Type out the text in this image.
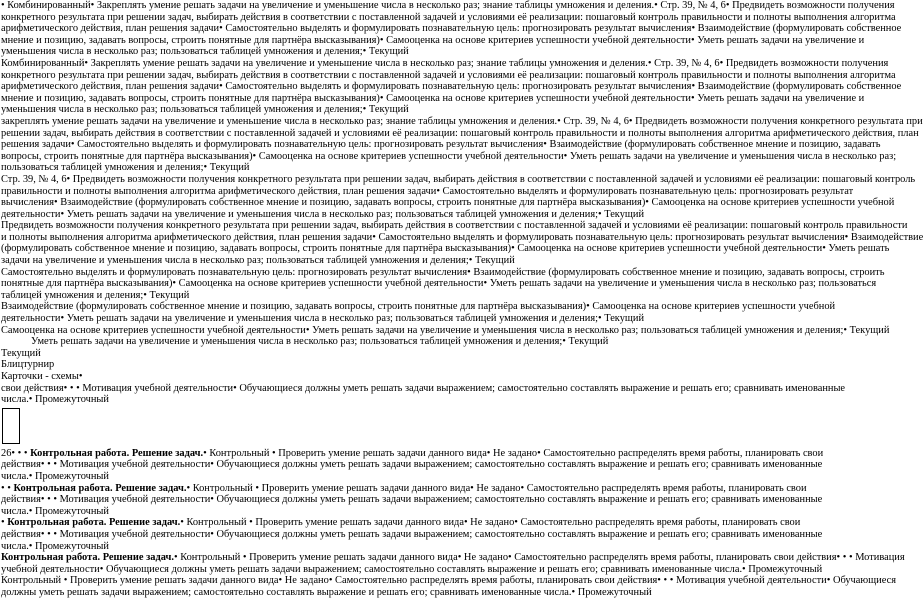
• Комбинированный• Закреплять умение решать задачи на увеличение и уменьшение числа в несколько раз; знание таблицы умножения и деления.• Стр. 39, № 4, 6• Предвидеть возможности получения
конкретного результата при решении задач, выбирать действия в соответствии с поставленной задачей и условиями её реализации: пошаговый контроль правильности и полноты выполнения алгоритма
арифметического действия, план решения задачи• Самостоятельно выделять и формулировать познавательную цель: прогнозировать результат вычисления• Взаимодействие (формулировать собственное
мнение и позицию, задавать вопросы, строить понятные для партнёра высказывания)• Самооценка на основе критериев успешности учебной деятельности• Уметь решать задачи на увеличение и
уменьшения числа в несколько раз; пользоваться таблицей умножения и деления;• Текущий
Комбинированный• Закреплять умение решать задачи на увеличение и уменьшение числа в несколько раз; знание таблицы умножения и деления.• Стр. 39, № 4, 6• Предвидеть возможности получения
конкретного результата при решении задач, выбирать действия в соответствии с поставленной задачей и условиями её реализации: пошаговый контроль правильности и полноты выполнения алгоритма
арифметического действия, план решения задачи• Самостоятельно выделять и формулировать познавательную цель: прогнозировать результат вычисления• Взаимодействие (формулировать собственное
мнение и позицию, задавать вопросы, строить понятные для партнёра высказывания)• Самооценка на основе критериев успешности учебной деятельности• Уметь решать задачи на увеличение и
уменьшения числа в несколько раз; пользоваться таблицей умножения и деления;• Текущий
закреплять умение решать задачи на увеличение и уменьшение числа в несколько раз; знание таблицы умножения и деления.• Стр. 39, № 4, 6• Предвидеть возможности получения конкретного результата при
решении задач, выбирать действия в соответствии с поставленной задачей и условиями её реализации: пошаговый контроль правильности и полноты выполнения алгоритма арифметического действия, план
решения задачи• Самостоятельно выделять и формулировать познавательную цель: прогнозировать результат вычисления• Взаимодействие (формулировать собственное мнение и позицию, задавать
вопросы, строить понятные для партнёра высказывания)• Самооценка на основе критериев успешности учебной деятельности• Уметь решать задачи на увеличение и уменьшения числа в несколько раз;
пользоваться таблицей умножения и деления;• Текущий
Стр. 39, № 4, 6• Предвидеть возможности получения конкретного результата при решении задач, выбирать действия в соответствии с поставленной задачей и условиями её реализации: пошаговый контроль
правильности и полноты выполнения алгоритма арифметического действия, план решения задачи• Самостоятельно выделять и формулировать познавательную цель: прогнозировать результат
вычисления• Взаимодействие (формулировать собственное мнение и позицию, задавать вопросы, строить понятные для партнёра высказывания)• Самооценка на основе критериев успешности учебной
деятельности• Уметь решать задачи на увеличение и уменьшения числа в несколько раз; пользоваться таблицей умножения и деления;• Текущий
Предвидеть возможности получения конкретного результата при решении задач, выбирать действия в соответствии с поставленной задачей и условиями её реализации: пошаговый контроль правильности
и полноты выполнения алгоритма арифметического действия, план решения задачи• Самостоятельно выделять и формулировать познавательную цель: прогнозировать результат вычисления• Взаимодействие
(формулировать собственное мнение и позицию, задавать вопросы, строить понятные для партнёра высказывания)• Самооценка на основе критериев успешности учебной деятельности• Уметь решать
задачи на увеличение и уменьшения числа в несколько раз; пользоваться таблицей умножения и деления;• Текущий
Самостоятельно выделять и формулировать познавательную цель: прогнозировать результат вычисления• Взаимодействие (формулировать собственное мнение и позицию, задавать вопросы, строить
понятные для партнёра высказывания)• Самооценка на основе критериев успешности учебной деятельности• Уметь решать задачи на увеличение и уменьшения числа в несколько раз; пользоваться
таблицей умножения и деления;• Текущий
Взаимодействие (формулировать собственное мнение и позицию, задавать вопросы, строить понятные для партнёра высказывания)• Самооценка на основе критериев успешности учебной
деятельности• Уметь решать задачи на увеличение и уменьшения числа в несколько раз; пользоваться таблицей умножения и деления;• Текущий
Самооценка на основе критериев успешности учебной деятельности• Уметь решать задачи на увеличение и уменьшения числа в несколько раз; пользоваться таблицей умножения и деления;• Текущий
Уметь решать задачи на увеличение и уменьшения числа в несколько раз; пользоваться таблицей умножения и деления;• Текущий
Текущий
Блицтурнир
Карточки - схемы•
свои действия• • • Мотивация учебной деятельности• Обучающиеся должны уметь решать задачи выражением; самостоятельно составлять выражение и решать его; сравнивать именованные
числа.• Промежуточный
26• • • Контрольная работа. Решение задач.• Контрольный • Проверить умение решать задачи данного вида• Не задано• Самостоятельно распределять время работы, планировать свои
действия• • • Мотивация учебной деятельности• Обучающиеся должны уметь решать задачи выражением; самостоятельно составлять выражение и решать его; сравнивать именованные
числа.• Промежуточный
• • Контрольная работа. Решение задач.• Контрольный • Проверить умение решать задачи данного вида• Не задано• Самостоятельно распределять время работы, планировать свои
действия• • • Мотивация учебной деятельности• Обучающиеся должны уметь решать задачи выражением; самостоятельно составлять выражение и решать его; сравнивать именованные
числа.• Промежуточный
• Контрольная работа. Решение задач.• Контрольный • Проверить умение решать задачи данного вида• Не задано• Самостоятельно распределять время работы, планировать свои
действия• • • Мотивация учебной деятельности• Обучающиеся должны уметь решать задачи выражением; самостоятельно составлять выражение и решать его; сравнивать именованные
числа.• Промежуточный
Контрольная работа. Решение задач.• Контрольный • Проверить умение решать задачи данного вида• Не задано• Самостоятельно распределять время работы, планировать свои действия• • • Мотивация
учебной деятельности• Обучающиеся должны уметь решать задачи выражением; самостоятельно составлять выражение и решать его; сравнивать именованные числа.• Промежуточный
Контрольный • Проверить умение решать задачи данного вида• Не задано• Самостоятельно распределять время работы, планировать свои действия• • • Мотивация учебной деятельности• Обучающиеся
должны уметь решать задачи выражением; самостоятельно составлять выражение и решать его; сравнивать именованные числа.• Промежуточный
